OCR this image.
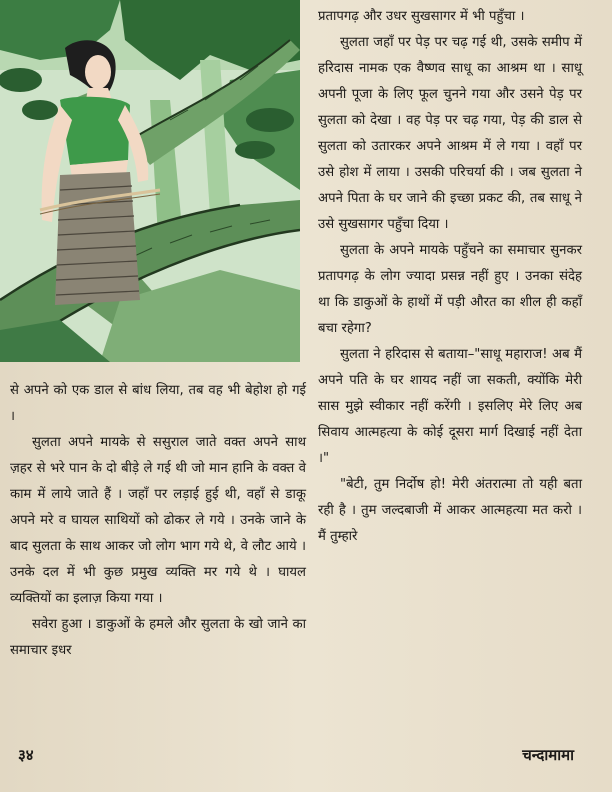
से अपने को एक डाल से बांध लिया, तब वह भी बेहोश हो गई ।

सुलता अपने मायके से ससुराल जाते वक्त अपने साथ ज़हर से भरे पान के दो बीड़े ले गई थी जो मान हानि के वक्त वे काम में लाये जाते हैं । जहाँ पर लड़ाई हुई थी, वहाँ से डाकू अपने मरे व घायल साथियों को ढोकर ले गये । उनके जाने के बाद सुलता के साथ आकर जो लोग भाग गये थे, वे लौट आये । उनके दल में भी कुछ प्रमुख व्यक्ति मर गये थे । घायल व्यक्तियों का इलाज़ किया गया ।

सवेरा हुआ । डाकुओं के हमले और सुलता के खो जाने का समाचार इधर

प्रतापगढ़ और उधर सुखसागर में भी पहुँचा ।

सुलता जहाँ पर पेड़ पर चढ़ गई थी, उसके समीप में हरिदास नामक एक वैष्णव साधू का आश्रम था । साधू अपनी पूजा के लिए फूल चुनने गया और उसने पेड़ पर सुलता को देखा । वह पेड़ पर चढ़ गया, पेड़ की डाल से सुलता को उतारकर अपने आश्रम में ले गया । वहाँ पर उसे होश में लाया । उसकी परिचर्या की । जब सुलता ने अपने पिता के घर जाने की इच्छा प्रकट की, तब साधू ने उसे सुखसागर पहुँचा दिया ।

सुलता के अपने मायके पहुँचने का समाचार सुनकर प्रतापगढ़ के लोग ज्यादा प्रसन्न नहीं हुए । उनका संदेह था कि डाकुओं के हाथों में पड़ी औरत का शील ही कहाँ बचा रहेगा?

सुलता ने हरिदास से बताया–"साधू महाराज! अब मैं अपने पति के घर शायद नहीं जा सकती, क्योंकि मेरी सास मुझे स्वीकार नहीं करेंगी । इसलिए मेरे लिए अब सिवाय आत्महत्या के कोई दूसरा मार्ग दिखाई नहीं देता ।"

"बेटी, तुम निर्दोष हो! मेरी अंतरात्मा तो यही बता रही है । तुम जल्दबाजी में आकर आत्महत्या मत करो । मैं तुम्हारे

३४	चन्दामामा
